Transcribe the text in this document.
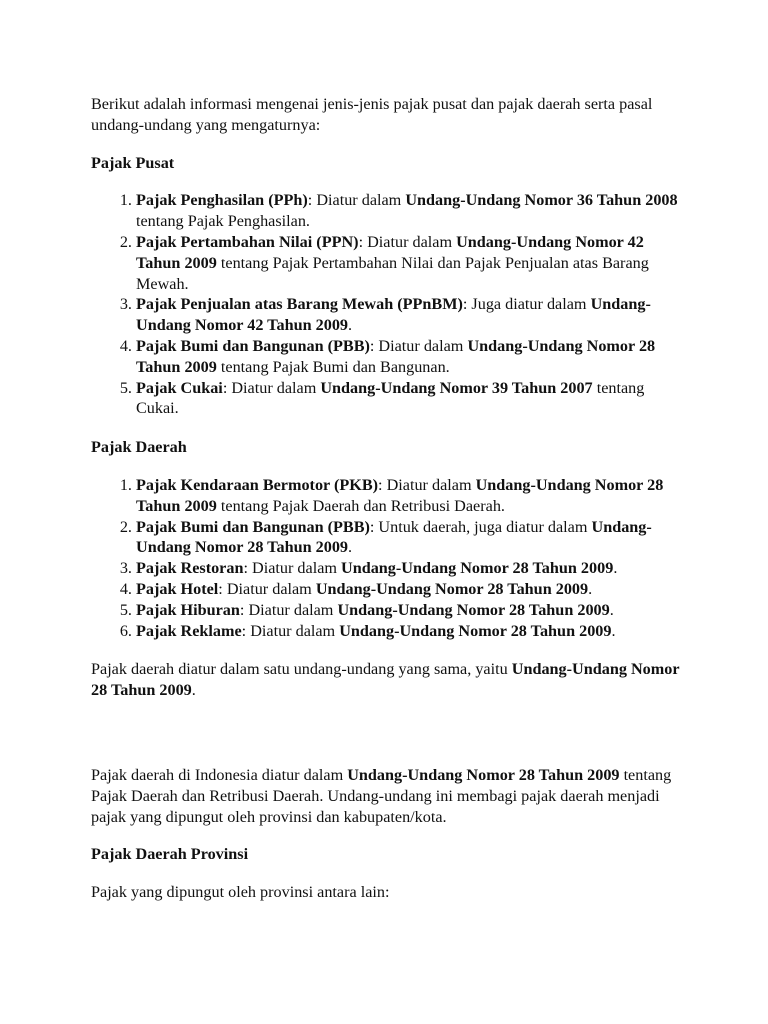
Berikut adalah informasi mengenai jenis-jenis pajak pusat dan pajak daerah serta pasal undang-undang yang mengaturnya:

Pajak Pusat

1. Pajak Penghasilan (PPh): Diatur dalam Undang-Undang Nomor 36 Tahun 2008 tentang Pajak Penghasilan.
2. Pajak Pertambahan Nilai (PPN): Diatur dalam Undang-Undang Nomor 42 Tahun 2009 tentang Pajak Pertambahan Nilai dan Pajak Penjualan atas Barang Mewah.
3. Pajak Penjualan atas Barang Mewah (PPnBM): Juga diatur dalam Undang-Undang Nomor 42 Tahun 2009.
4. Pajak Bumi dan Bangunan (PBB): Diatur dalam Undang-Undang Nomor 28 Tahun 2009 tentang Pajak Bumi dan Bangunan.
5. Pajak Cukai: Diatur dalam Undang-Undang Nomor 39 Tahun 2007 tentang Cukai.

Pajak Daerah

1. Pajak Kendaraan Bermotor (PKB): Diatur dalam Undang-Undang Nomor 28 Tahun 2009 tentang Pajak Daerah dan Retribusi Daerah.
2. Pajak Bumi dan Bangunan (PBB): Untuk daerah, juga diatur dalam Undang-Undang Nomor 28 Tahun 2009.
3. Pajak Restoran: Diatur dalam Undang-Undang Nomor 28 Tahun 2009.
4. Pajak Hotel: Diatur dalam Undang-Undang Nomor 28 Tahun 2009.
5. Pajak Hiburan: Diatur dalam Undang-Undang Nomor 28 Tahun 2009.
6. Pajak Reklame: Diatur dalam Undang-Undang Nomor 28 Tahun 2009.

Pajak daerah diatur dalam satu undang-undang yang sama, yaitu Undang-Undang Nomor 28 Tahun 2009.

Pajak daerah di Indonesia diatur dalam Undang-Undang Nomor 28 Tahun 2009 tentang Pajak Daerah dan Retribusi Daerah. Undang-undang ini membagi pajak daerah menjadi pajak yang dipungut oleh provinsi dan kabupaten/kota.

Pajak Daerah Provinsi

Pajak yang dipungut oleh provinsi antara lain:
